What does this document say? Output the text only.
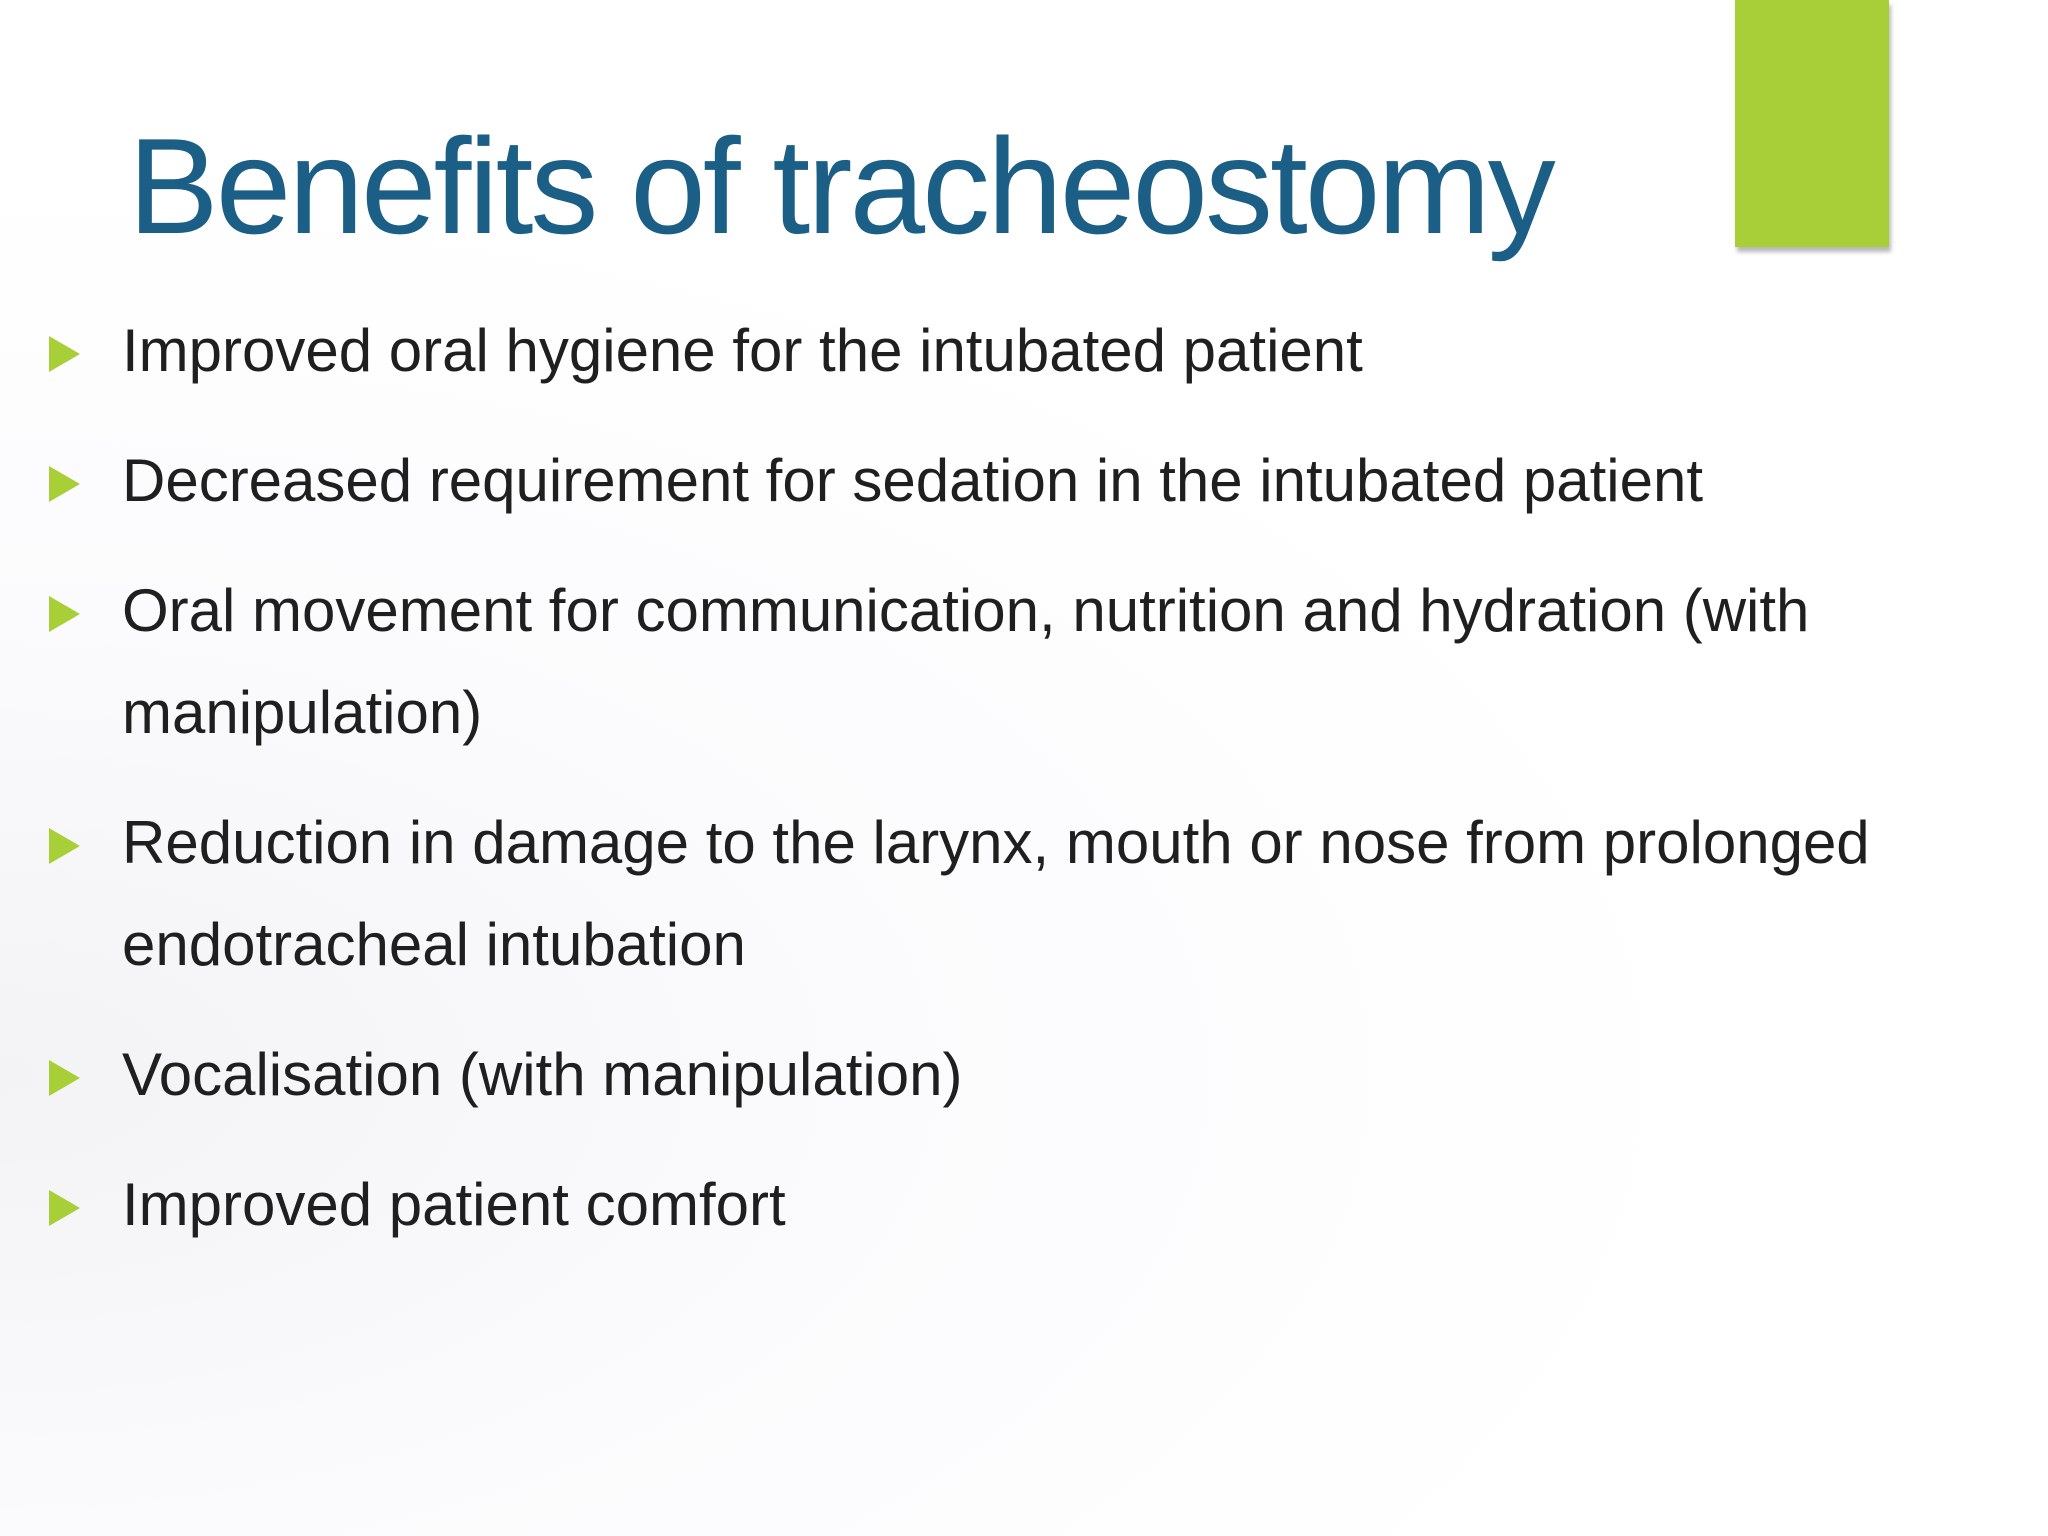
Benefits of tracheostomy
Improved oral hygiene for the intubated patient
Decreased requirement for sedation in the intubated patient
Oral movement for communication, nutrition and hydration (with manipulation)
Reduction in damage to the larynx, mouth or nose from prolonged endotracheal intubation
Vocalisation (with manipulation)
Improved patient comfort
